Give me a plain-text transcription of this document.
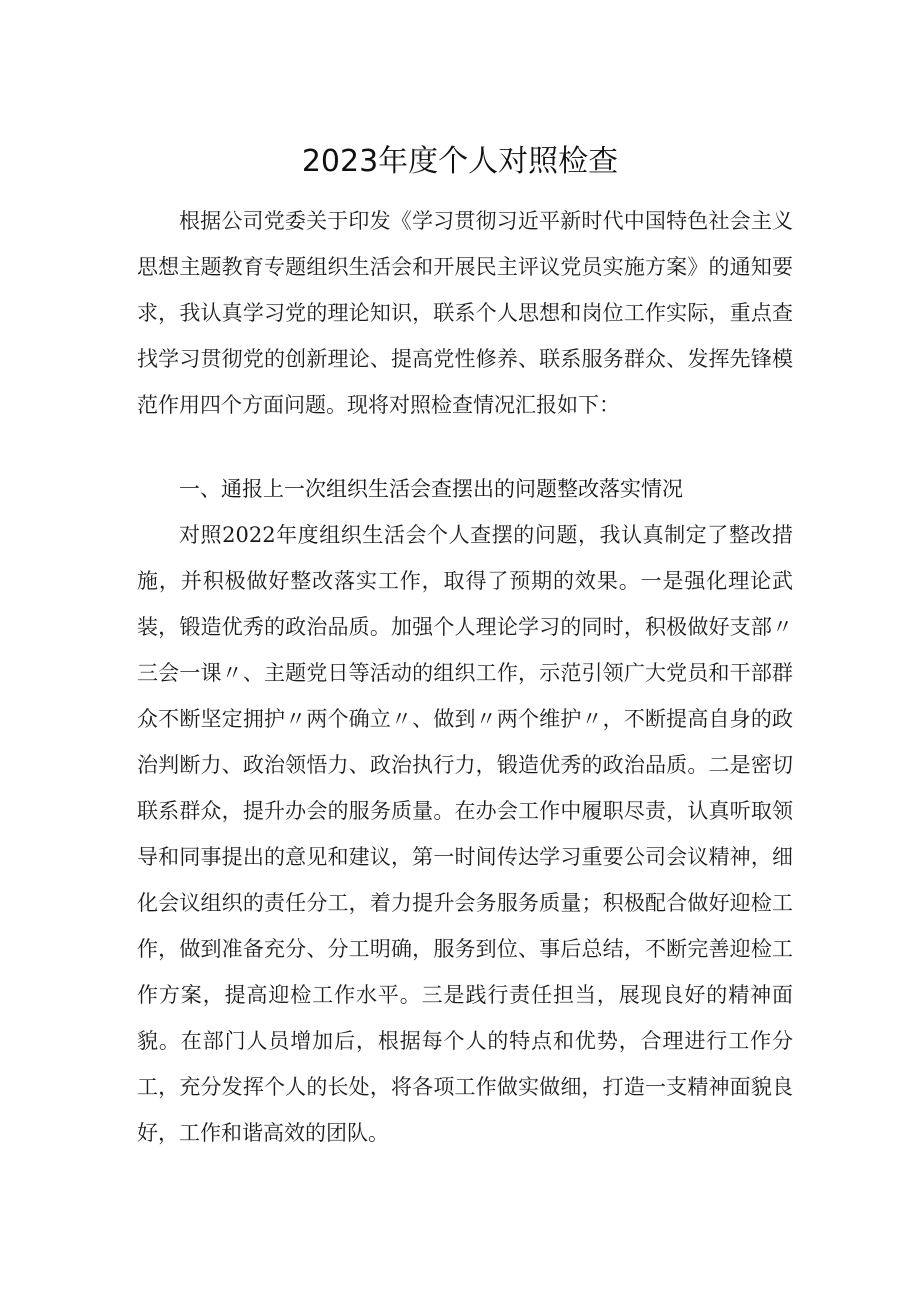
2023年度个人对照检查

根据公司党委关于印发《学习贯彻习近平新时代中国特色社会主义思想主题教育专题组织生活会和开展民主评议党员实施方案》的通知要求，我认真学习党的理论知识，联系个人思想和岗位工作实际，重点查找学习贯彻党的创新理论、提高党性修养、联系服务群众、发挥先锋模范作用四个方面问题。现将对照检查情况汇报如下：

一、通报上一次组织生活会查摆出的问题整改落实情况

对照2022年度组织生活会个人查摆的问题，我认真制定了整改措施，并积极做好整改落实工作，取得了预期的效果。一是强化理论武装，锻造优秀的政治品质。加强个人理论学习的同时，积极做好支部〃三会一课〃、主题党日等活动的组织工作，示范引领广大党员和干部群众不断坚定拥护〃两个确立〃、做到〃两个维护〃，不断提高自身的政治判断力、政治领悟力、政治执行力，锻造优秀的政治品质。二是密切联系群众，提升办会的服务质量。在办会工作中履职尽责，认真听取领导和同事提出的意见和建议，第一时间传达学习重要公司会议精神，细化会议组织的责任分工，着力提升会务服务质量；积极配合做好迎检工作，做到准备充分、分工明确，服务到位、事后总结，不断完善迎检工作方案，提高迎检工作水平。三是践行责任担当，展现良好的精神面貌。在部门人员增加后，根据每个人的特点和优势，合理进行工作分工，充分发挥个人的长处，将各项工作做实做细，打造一支精神面貌良好，工作和谐高效的团队。
